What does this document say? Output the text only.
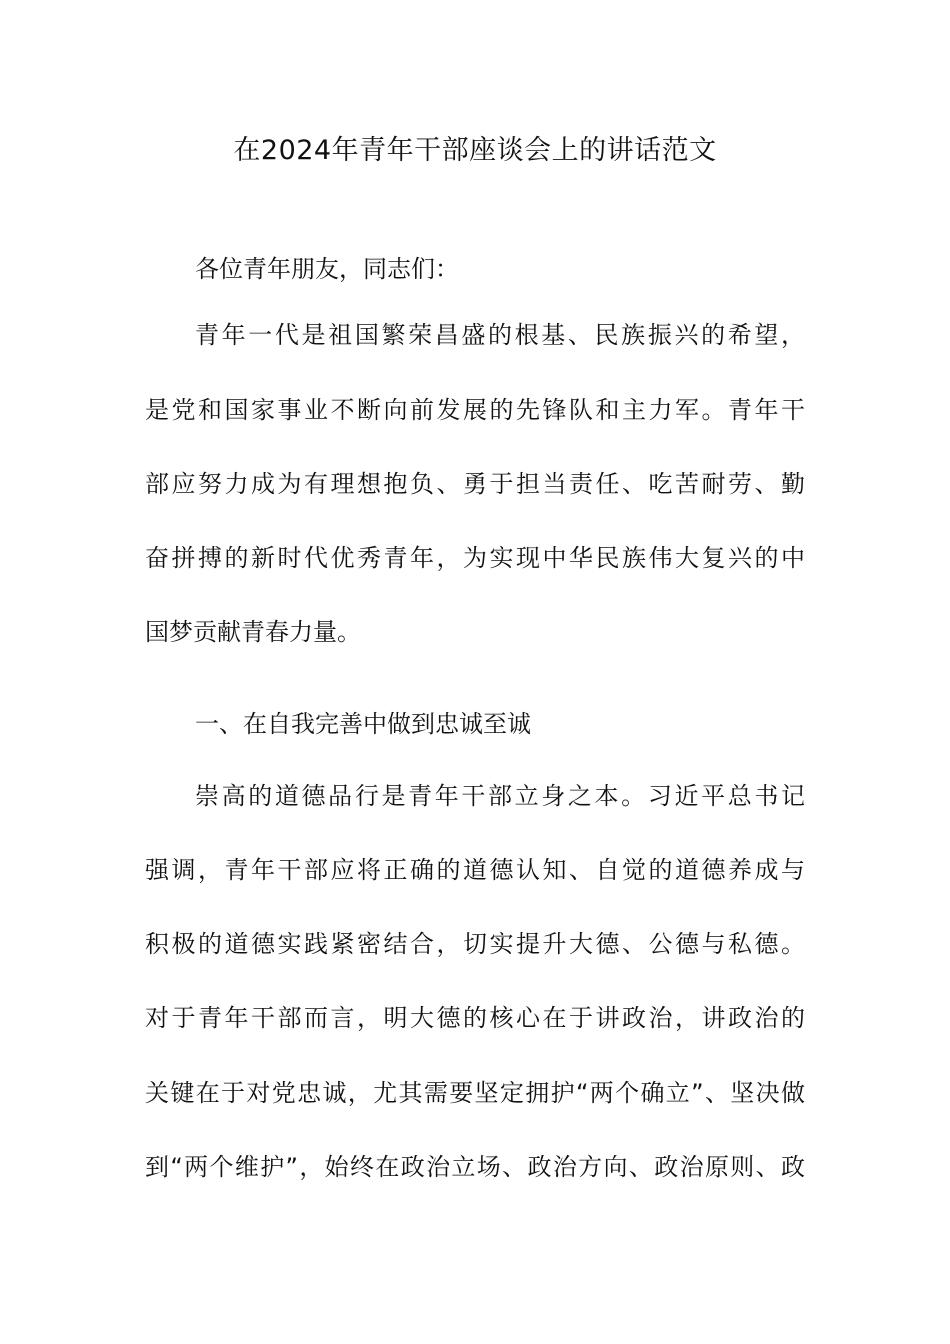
在2024年青年干部座谈会上的讲话范文
各位青年朋友，同志们：
青年一代是祖国繁荣昌盛的根基、民族振兴的希望，
是党和国家事业不断向前发展的先锋队和主力军。青年干
部应努力成为有理想抱负、勇于担当责任、吃苦耐劳、勤
奋拼搏的新时代优秀青年，为实现中华民族伟大复兴的中
国梦贡献青春力量。
一、在自我完善中做到忠诚至诚
崇高的道德品行是青年干部立身之本。习近平总书记
强调，青年干部应将正确的道德认知、自觉的道德养成与
积极的道德实践紧密结合，切实提升大德、公德与私德。
对于青年干部而言，明大德的核心在于讲政治，讲政治的
关键在于对党忠诚，尤其需要坚定拥护“两个确立”、坚决做
到“两个维护”，始终在政治立场、政治方向、政治原则、政
